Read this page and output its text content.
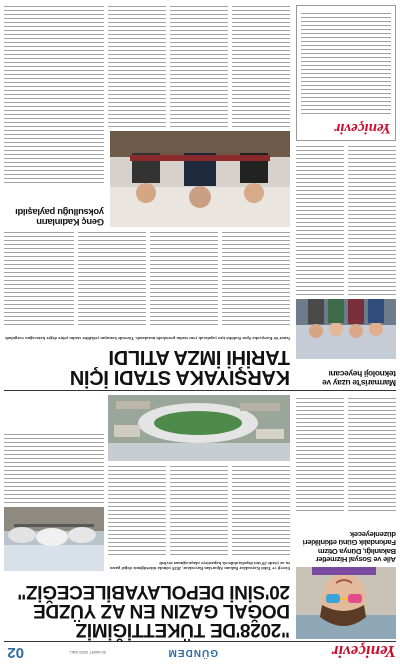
Yeniçevir
GÜNDEM
25 MART 2025 SALI
02
"2028'DE TÜKETTİĞİMİZ
DOĞAL GAZIN EN AZ YÜZDE
20'SİNİ DEPOLAYABİLECEĞİZ"
Enerji ve Tabii Kaynaklar Bakanı Alparslan Bayraktar, 2028 yılında tükettiğimiz doğal gazın en az yüzde 20'sini depolayabilecek kapasiteye ulaşacağımızı söyledi	Aile ve Sosyal Hizmetler Bakanlığı, Dünya Otizm Farkındalık Günü etkinlikleri düzenleyecek
KARŞIYAKA STADI İÇİN
TARİHİ İMZA ATILDI
Marmaris'te uzay ve teknoloji heyecanı
İzmir'de Karşıyaka Spor Kulübü için yapılacak yeni stadın protokolü imzalandı. Törende konuşan yetkililer stadın şehre değer katacağını vurguladı
Genç Kadınların yoksulluğu paylaşıldı
Yeniçevir
